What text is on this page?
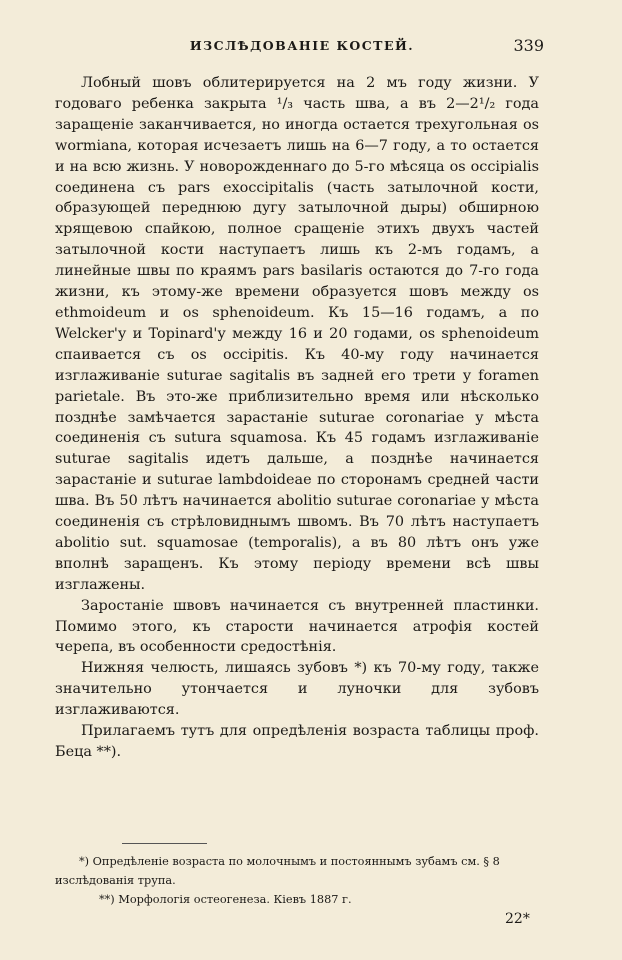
ИЗСЛѢДОВАНІЕ КОСТЕЙ.	339

Лобный шовъ облитерируется на 2 мъ году жизни. У годоваго ребенка закрыта ¹/₃ часть шва, а въ 2—2¹/₂ года заращеніе заканчивается, но иногда остается трехугольная os wormiana, которая исчезаетъ лишь на 6—7 году, а то остается и на всю жизнь. У новорожденнаго до 5-го мѣсяца os occipialis соединена съ pars exoccipitalis (часть затылочной кости, образующей переднюю дугу затылочной дыры) обширною хрящевою спайкою, полное сращеніе этихъ двухъ частей затылочной кости наступаетъ лишь къ 2-мъ годамъ, а линейные швы по краямъ pars basilaris остаются до 7-го года жизни, къ этому-же времени образуется шовъ между os ethmoideum и os sphenoideum. Къ 15—16 годамъ, а по Welcker'у и Topinard'у между 16 и 20 годами, os sphenoideum спаивается съ os occipitis. Къ 40-му году начинается изглаживаніе suturae sagitalis въ задней его трети у foramen parietale. Въ это-же приблизительно время или нѣсколько позднѣе замѣчается зарастаніе suturae coronariae у мѣста соединенія съ sutura squamosa. Къ 45 годамъ изглаживаніе suturae sagitalis идетъ дальше, а позднѣе начинается зарастаніе и suturae lambdoideae по сторонамъ средней части шва. Въ 50 лѣтъ начинается abolitio suturae coronariae у мѣста соединенія съ стрѣловиднымъ швомъ. Въ 70 лѣтъ наступаетъ abolitio sut. squamosae (temporalis), а въ 80 лѣтъ онъ уже вполнѣ заращенъ. Къ этому періоду времени всѣ швы изглажены.

Заростаніе швовъ начинается съ внутренней пластинки. Помимо этого, къ старости начинается атрофія костей черепа, въ особенности средостѣнія.

Нижняя челюсть, лишаясь зубовъ *) къ 70-му году, также значительно утончается и луночки для зубовъ изглаживаются.

Прилагаемъ тутъ для опредѣленія возраста таблицы проф. Беца **).

*) Опредѣленіе возраста по молочнымъ и постояннымъ зубамъ см. § 8

изслѣдованія трупа.

**) Морфологія остеогенеза. Кіевъ 1887 г.

22*
